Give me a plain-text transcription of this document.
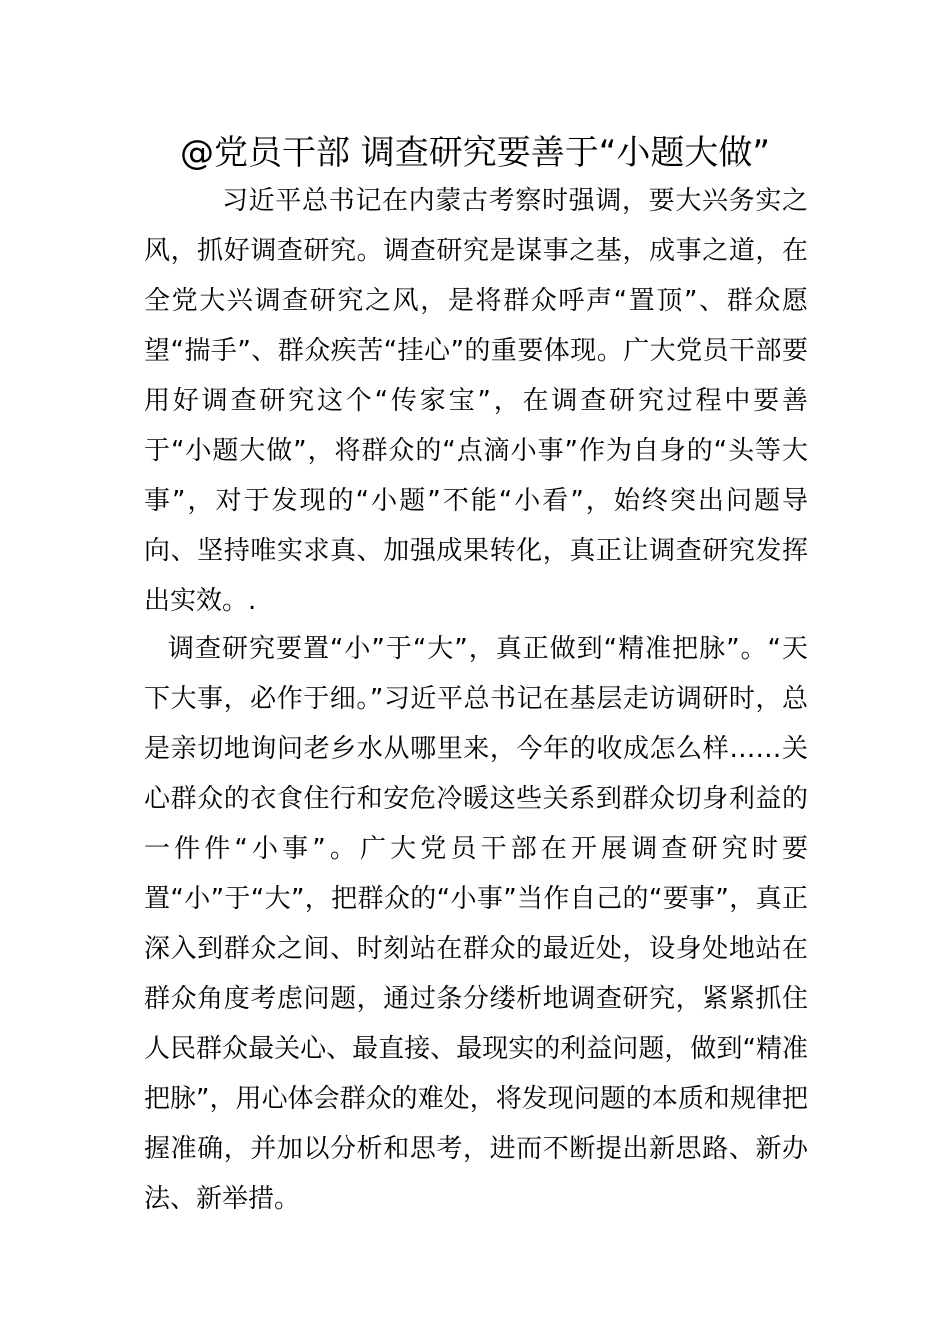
@党员干部 调查研究要善于“小题大做”

习近平总书记在内蒙古考察时强调，要大兴务实之风，抓好调查研究。调查研究是谋事之基，成事之道，在全党大兴调查研究之风，是将群众呼声“置顶”、群众愿望“揣手”、群众疾苦“挂心”的重要体现。广大党员干部要用好调查研究这个“传家宝”，在调查研究过程中要善于“小题大做”，将群众的“点滴小事”作为自身的“头等大事”，对于发现的“小题”不能“小看”，始终突出问题导向、坚持唯实求真、加强成果转化，真正让调查研究发挥出实效。.

调查研究要置“小”于“大”，真正做到“精准把脉”。“天下大事，必作于细。”习近平总书记在基层走访调研时，总是亲切地询问老乡水从哪里来，今年的收成怎么样……关心群众的衣食住行和安危冷暖这些关系到群众切身利益的一件件“小事”。广大党员干部在开展调查研究时要置“小”于“大”，把群众的“小事”当作自己的“要事”，真正深入到群众之间、时刻站在群众的最近处，设身处地站在群众角度考虑问题，通过条分缕析地调查研究，紧紧抓住人民群众最关心、最直接、最现实的利益问题，做到“精准把脉”，用心体会群众的难处，将发现问题的本质和规律把握准确，并加以分析和思考，进而不断提出新思路、新办法、新举措。
